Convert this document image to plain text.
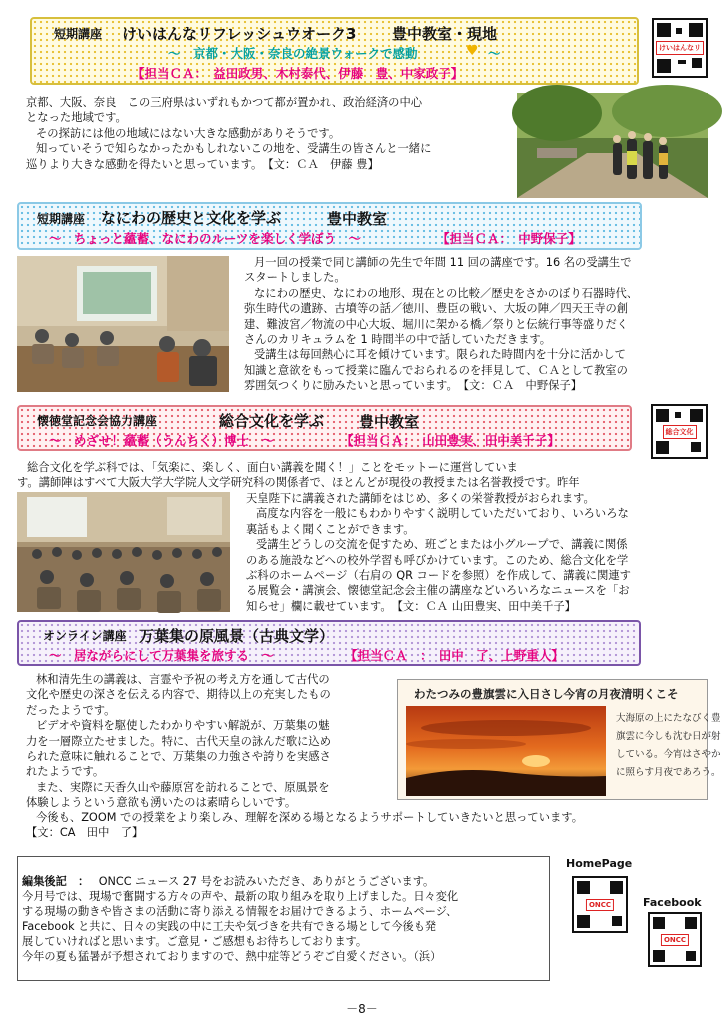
短期講座 けいはんなリフレッシュウオーク3 豊中教室・現地
～　京都・大阪・奈良の絶景ウォークで感動	♥ ～
【担当ＣＡ：　益田政男、木村泰代、伊藤　豊、中家政子】
けいはんなリ

京都、大阪、奈良　この三府県はいずれもかつて都が置かれ、政治経済の中心

となった地域です。

その探訪には他の地域にはない大きな感動がありそうです。

知っていそうで知らなかったかもしれないこの地を、受講生の皆さんと一緒に

巡りより大きな感動を得たいと思っています。　【文：ＣＡ　伊藤 豊】

短期講座 なにわの歴史と文化を学ぶ	豊中教室
～　ちょっと蘊蓄、なにわのルーツを楽しく学ぼう　～	【担当ＣＡ：　中野保子】

月一回の授業で同じ講師の先生で年間 11 回の講座です。16 名の受講生で

スタートしました。

なにわの歴史、なにわの地形、現在との比較／歴史をさかのぼり石器時代、

弥生時代の遺跡、古墳等の話／徳川、豊臣の戦い、大坂の陣／四天王寺の創

建、難波宮／物流の中心大坂、堀川に架かる橋／祭りと伝統行事等盛りだく

さんのカリキュラムを 1 時間半の中で話していただきます。

受講生は毎回熱心に耳を傾けています。限られた時間内を十分に活かして

知識と意欲をもって授業に臨んでおられるのを拝見して、ＣＡとして教室の

雰囲気つくりに励みたいと思っています。　【文：ＣＡ　中野保子】

懐徳堂記念会協力講座	総合文化を学ぶ 豊中教室
～　めざせ！蘊蓄（うんちく）博士　～	【担当ＣＡ：　山田豊実、田中美千子】
総合文化

総合文化を学ぶ科では、「気楽に、楽しく、面白い講義を聞く！」ことをモットーに運営していま

す。講師陣はすべて大阪大学大学院人文学研究科の関係者で、ほとんどが現役の教授または名誉教授です。昨年

天皇陛下に講義された講師をはじめ、多くの栄誉教授がおられます。

高度な内容を一般にもわかりやすく説明していただいており、いろいろな

裏話もよく聞くことができます。

受講生どうしの交流を促すため、班ごとまたは小グループで、講義に関係

のある施設などへの校外学習も呼びかけています。このため、総合文化を学

ぶ科のホームページ（右肩の QR コードを参照）を作成して、講義に関連す

る展覧会・講演会、懐徳堂記念会主催の講座などいろいろなニュースを「お

知らせ」欄に載せています。　【文：ＣＡ 山田豊実、田中美千子】

オンライン講座 万葉集の原風景（古典文学）
～　居ながらにして万葉集を旅する　～	【担当ＣＡ　：　田中　了、上野重人】

林和清先生の講義は、言霊や予祝の考え方を通して古代の

文化や歴史の深さを伝える内容で、期待以上の充実したもの

だったようです。

ビデオや資料を駆使したわかりやすい解説が、万葉集の魅

力を一層際立たせました。特に、古代天皇の詠んだ歌に込め

られた意味に触れることで、万葉集の力強さや誇りを実感さ

れたようです。

また、実際に天香久山や藤原宮を訪れることで、原風景を

体験しようという意欲も湧いたのは素晴らしいです。

今後も、ZOOM での授業をより楽しみ、理解を深める場となるようサポートしていきたいと思っています。

【文：CA　田中　了】

わたつみの豊旗雲に入日さし今宵の月夜清明くこそ

大海原の上にたなびく豊

旗雲に今しも沈む日が射

している。今宵はさやか

に照らす月夜であろう。

編集後記　： ONCC ニュース 27 号をお読みいただき、ありがとうございます。

今月号では、現場で奮闘する方々の声や、最新の取り組みを取り上げました。日々変化

する現場の動きや皆さまの活動に寄り添える情報をお届けできるよう、ホームページ、

Facebook と共に、日々の実践の中に工夫や気づきを共有できる場として今後も発

展していければと思います。ご意見・ご感想もお待ちしております。

今年の夏も猛暑が予想されておりますので、熱中症等どうぞご自愛ください。（浜）

HomePage
ONCC	Facebook
ONCC
－8－
